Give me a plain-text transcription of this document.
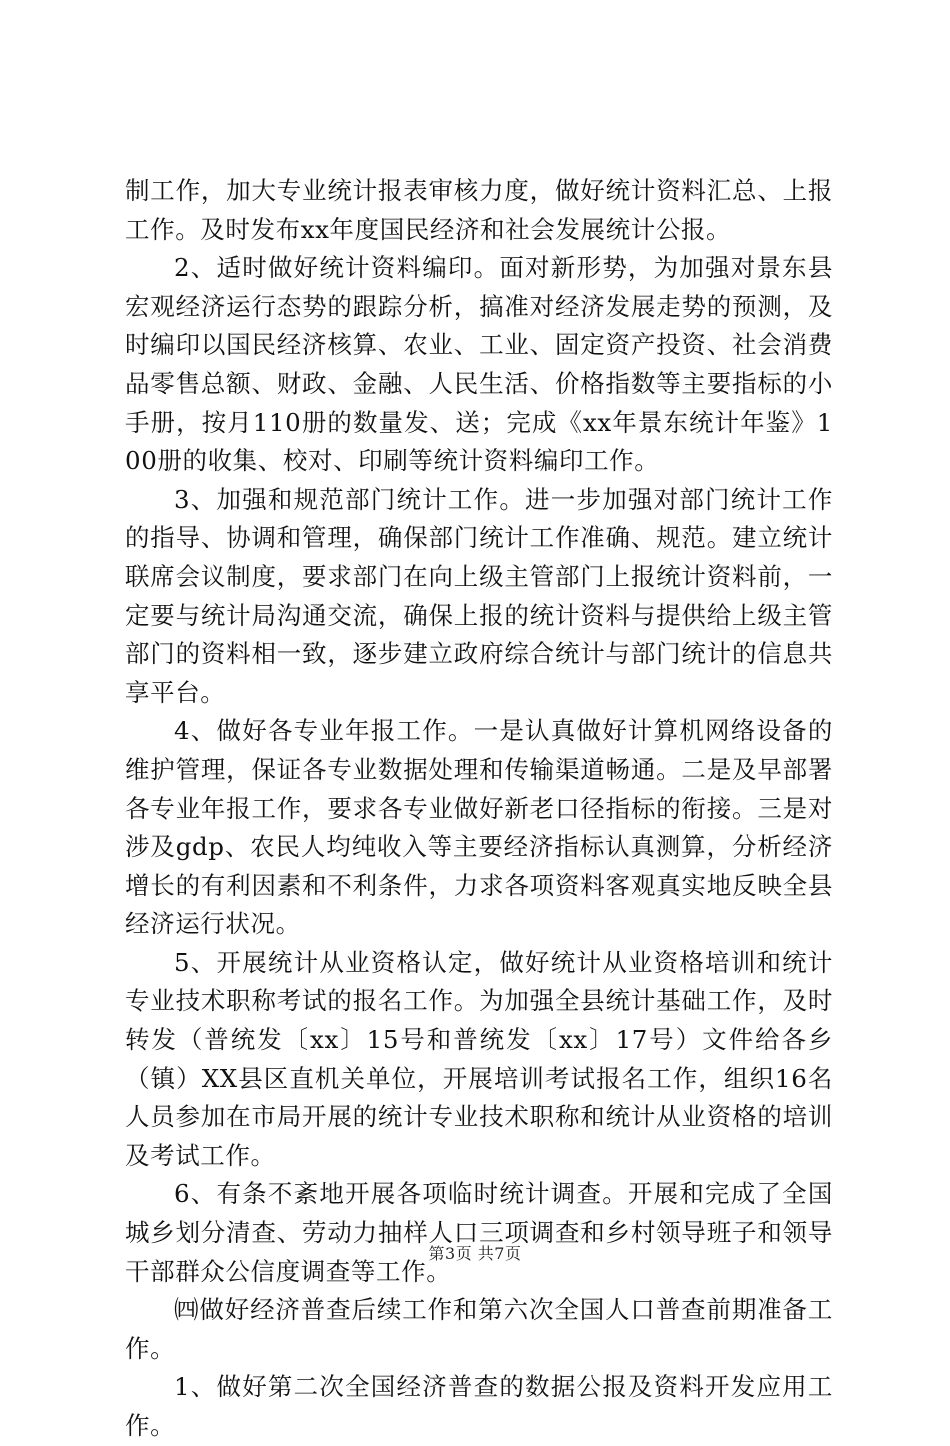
制工作，加大专业统计报表审核力度，做好统计资料汇总、上报工作。及时发布xx年度国民经济和社会发展统计公报。

2、适时做好统计资料编印。面对新形势，为加强对景东县宏观经济运行态势的跟踪分析，搞准对经济发展走势的预测，及时编印以国民经济核算、农业、工业、固定资产投资、社会消费品零售总额、财政、金融、人民生活、价格指数等主要指标的小手册，按月110册的数量发、送；完成《xx年景东统计年鉴》100册的收集、校对、印刷等统计资料编印工作。

3、加强和规范部门统计工作。进一步加强对部门统计工作的指导、协调和管理，确保部门统计工作准确、规范。建立统计联席会议制度，要求部门在向上级主管部门上报统计资料前，一定要与统计局沟通交流，确保上报的统计资料与提供给上级主管部门的资料相一致，逐步建立政府综合统计与部门统计的信息共享平台。

4、做好各专业年报工作。一是认真做好计算机网络设备的维护管理，保证各专业数据处理和传输渠道畅通。二是及早部署各专业年报工作，要求各专业做好新老口径指标的衔接。三是对涉及gdp、农民人均纯收入等主要经济指标认真测算，分析经济增长的有利因素和不利条件，力求各项资料客观真实地反映全县经济运行状况。

5、开展统计从业资格认定，做好统计从业资格培训和统计专业技术职称考试的报名工作。为加强全县统计基础工作，及时转发（普统发〔xx〕15号和普统发〔xx〕17号）文件给各乡（镇）XX县区直机关单位，开展培训考试报名工作，组织16名人员参加在市局开展的统计专业技术职称和统计从业资格的培训及考试工作。

6、有条不紊地开展各项临时统计调查。开展和完成了全国城乡划分清查、劳动力抽样人口三项调查和乡村领导班子和领导干部群众公信度调查等工作。

㈣做好经济普查后续工作和第六次全国人口普查前期准备工作。

1、做好第二次全国经济普查的数据公报及资料开发应用工作。

第3页 共7页
